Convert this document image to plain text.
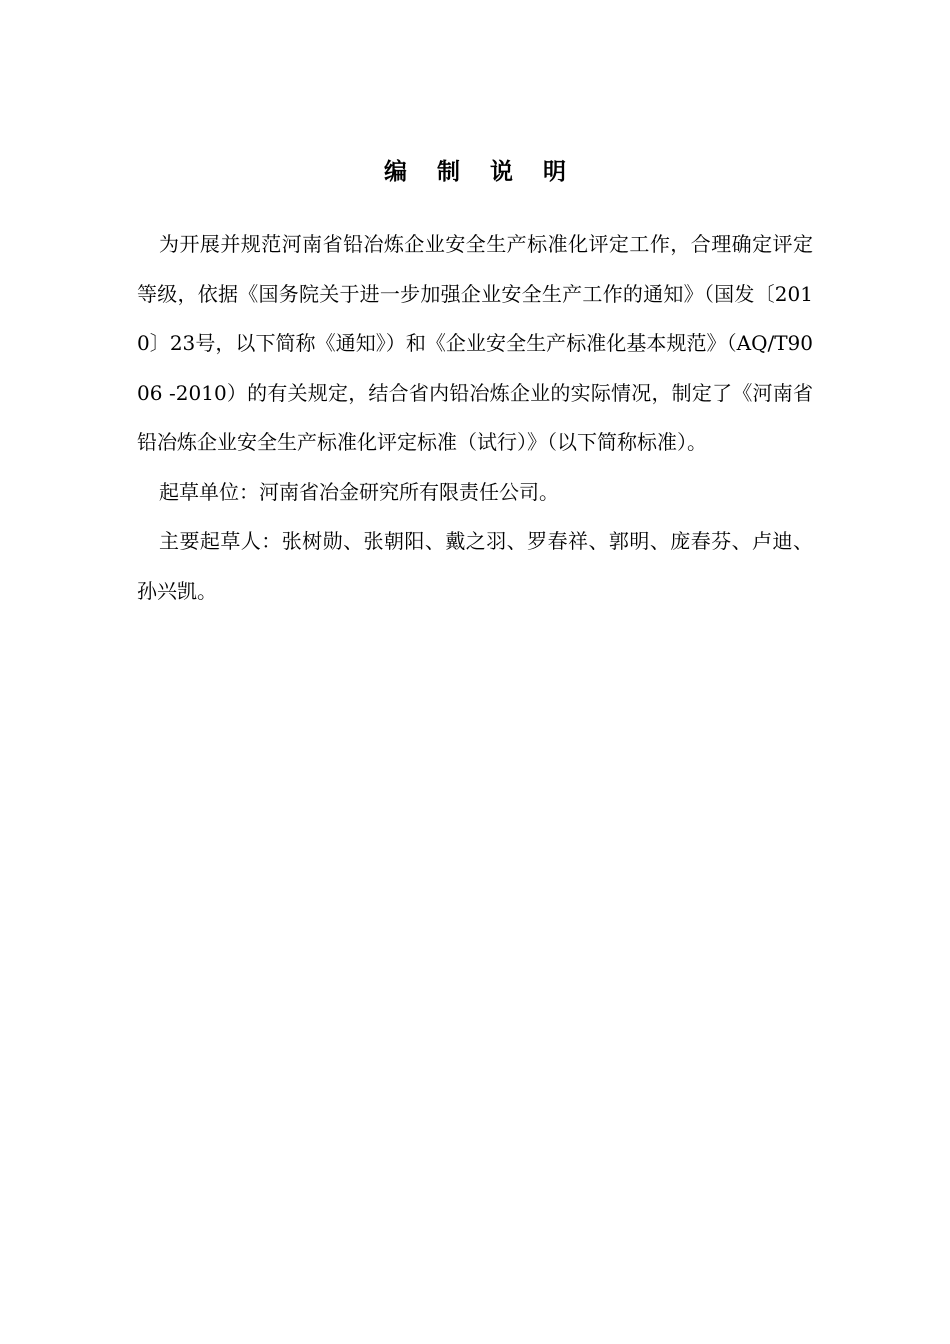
编 制 说 明

为开展并规范河南省铅冶炼企业安全生产标准化评定工作，合理确定评定等级，依据《国务院关于进一步加强企业安全生产工作的通知》（国发〔2010〕23号，以下简称《通知》）和《企业安全生产标准化基本规范》（AQ/T9006 -2010）的有关规定，结合省内铅冶炼企业的实际情况，制定了《河南省铅冶炼企业安全生产标准化评定标准（试行）》（以下简称标准）。

起草单位：河南省冶金研究所有限责任公司。

主要起草人：张树勋、张朝阳、戴之羽、罗春祥、郭明、庞春芬、卢迪、孙兴凯。
